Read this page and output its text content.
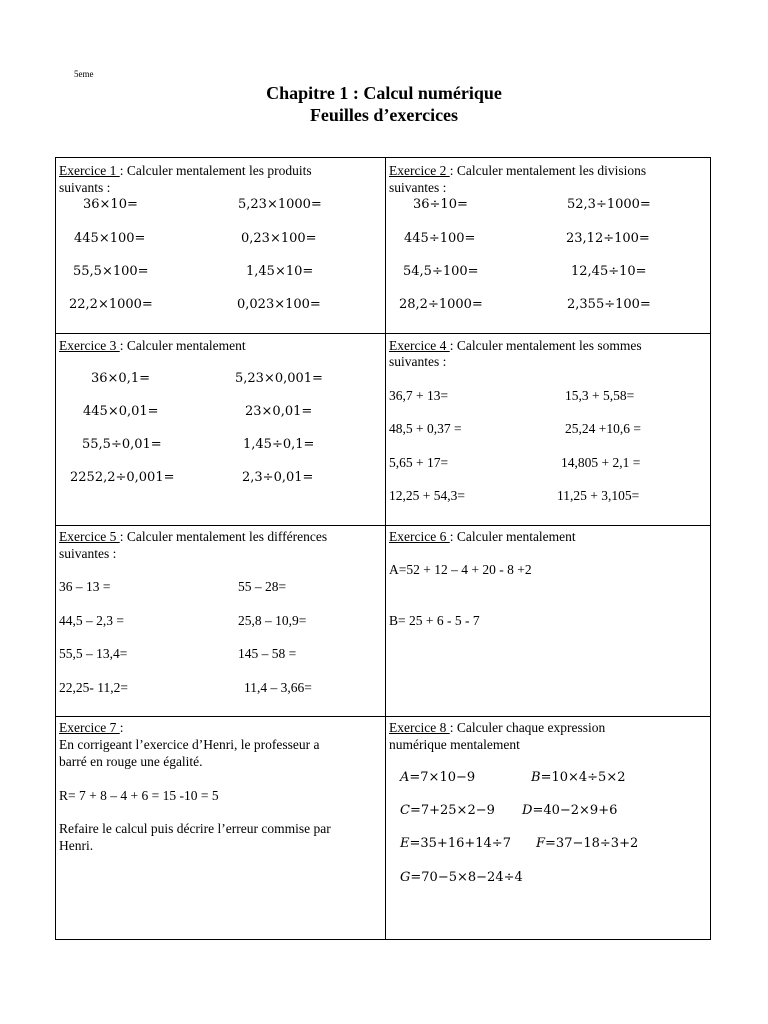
5eme
Chapitre 1 : Calcul numérique
Feuilles d’exercices
Exercice 1 : Calculer mentalement les produits
suivants :
36×10=
445×100=
55,5×100=
22,2×1000=
5,23×1000=
0,23×100=
1,45×10=
0,023×100=
Exercice 2 : Calculer mentalement les divisions
suivantes :
36÷10=
445÷100=
54,5÷100=
28,2÷1000=
52,3÷1000=
23,12÷100=
12,45÷10=
2,355÷100=
Exercice 3 : Calculer mentalement
36×0,1=
445×0,01=
55,5÷0,01=
2252,2÷0,001=
5,23×0,001=
23×0,01=
1,45÷0,1=
2,3÷0,01=
Exercice 4 : Calculer mentalement les sommes
suivantes :
36,7 + 13=
48,5 + 0,37 =
5,65 + 17=
12,25 + 54,3=
15,3 + 5,58=
25,24 +10,6 =
14,805 + 2,1 =
11,25 + 3,105=
Exercice 5 : Calculer mentalement les différences
suivantes :
36 – 13 =
44,5 – 2,3 =
55,5 – 13,4=
22,25- 11,2=
55 – 28=
25,8 – 10,9=
145 – 58 =
11,4 – 3,66=
Exercice 6 : Calculer mentalement
A=52 + 12 – 4 + 20 - 8 +2
B= 25 + 6 - 5 - 7
Exercice 7 :
En corrigeant l’exercice d’Henri, le professeur a
barré en rouge une égalité.
R= 7 + 8 – 4 + 6 = 15 -10 = 5
Refaire le calcul puis décrire l’erreur commise par
Henri.
Exercice 8 : Calculer chaque expression
numérique mentalement
A=7×10−9	B=10×4÷5×2
C=7+25×2−9 D=40−2×9+6
E=35+16+14÷7 F=37−18÷3+2
G=70−5×8−24÷4
